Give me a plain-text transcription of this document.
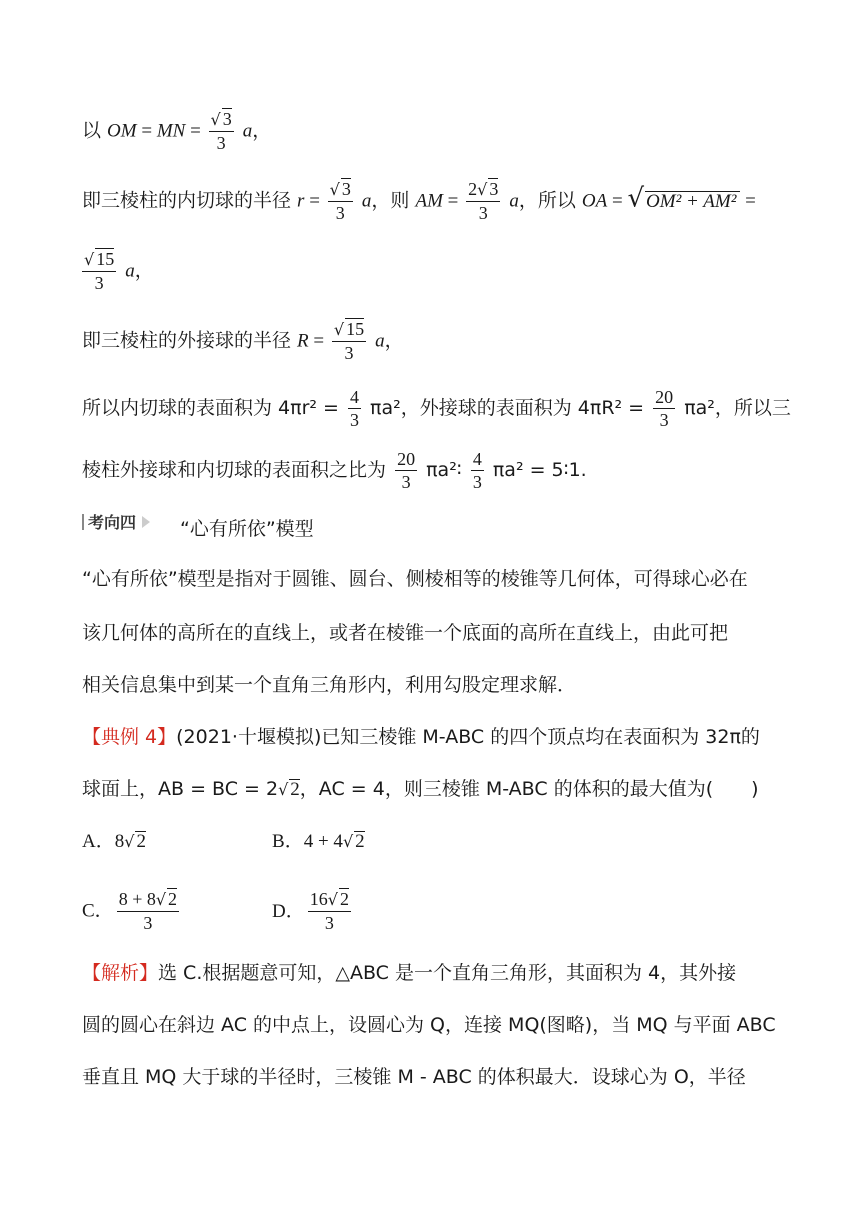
以 OM = MN = $\frac{√ 3}{3}$ a，
即三棱柱的内切球的半径 $r = \frac{√ 3}{3}$ a，则 AM = $\frac{2√ 3}{3}$ a，所以 OA = √ OM² + AM² =
$\frac{√ 15}{3}$ a，
即三棱柱的外接球的半径 $R = \frac{√ 15}{3}$ a，
所以内切球的表面积为 $4\pi r^2 = \frac{4}{3} \pi a^2$，外接球的表面积为 $4\pi R^2 = \frac{20}{3} \pi a^2$，所以三
棱柱外接球和内切球的表面积之比为 $\frac{20}{3}$ πa²∶ $\frac{4}{3} \pi a^2$ = 5∶1.
考向四 “心有所依”模型
“心有所依”模型是指对于圆锥、圆台、侧棱相等的棱锥等几何体，可得球心必在
该几何体的高所在的直线上，或者在棱锥一个底面的高所在直线上，由此可把
相关信息集中到某一个直角三角形内，利用勾股定理求解．
【典例 4】(2021·十堰模拟)已知三棱锥 M-ABC 的四个顶点均在表面积为 32π的
球面上，AB = BC = 2√ 2，AC = 4，则三棱锥 M-ABC 的体积的最大值为(　　)
A．8√ 2	B．4 + 4√ 2
C． $\frac{8 + 8√ 2}{3}$	D． $\frac{16√ 2}{3}$
【解析】选 C.根据题意可知，△ABC 是一个直角三角形，其面积为 4，其外接
圆的圆心在斜边 AC 的中点上，设圆心为 Q，连接 MQ(图略)，当 MQ 与平面 ABC
垂直且 MQ 大于球的半径时，三棱锥 M - ABC 的体积最大．设球心为 O，半径
